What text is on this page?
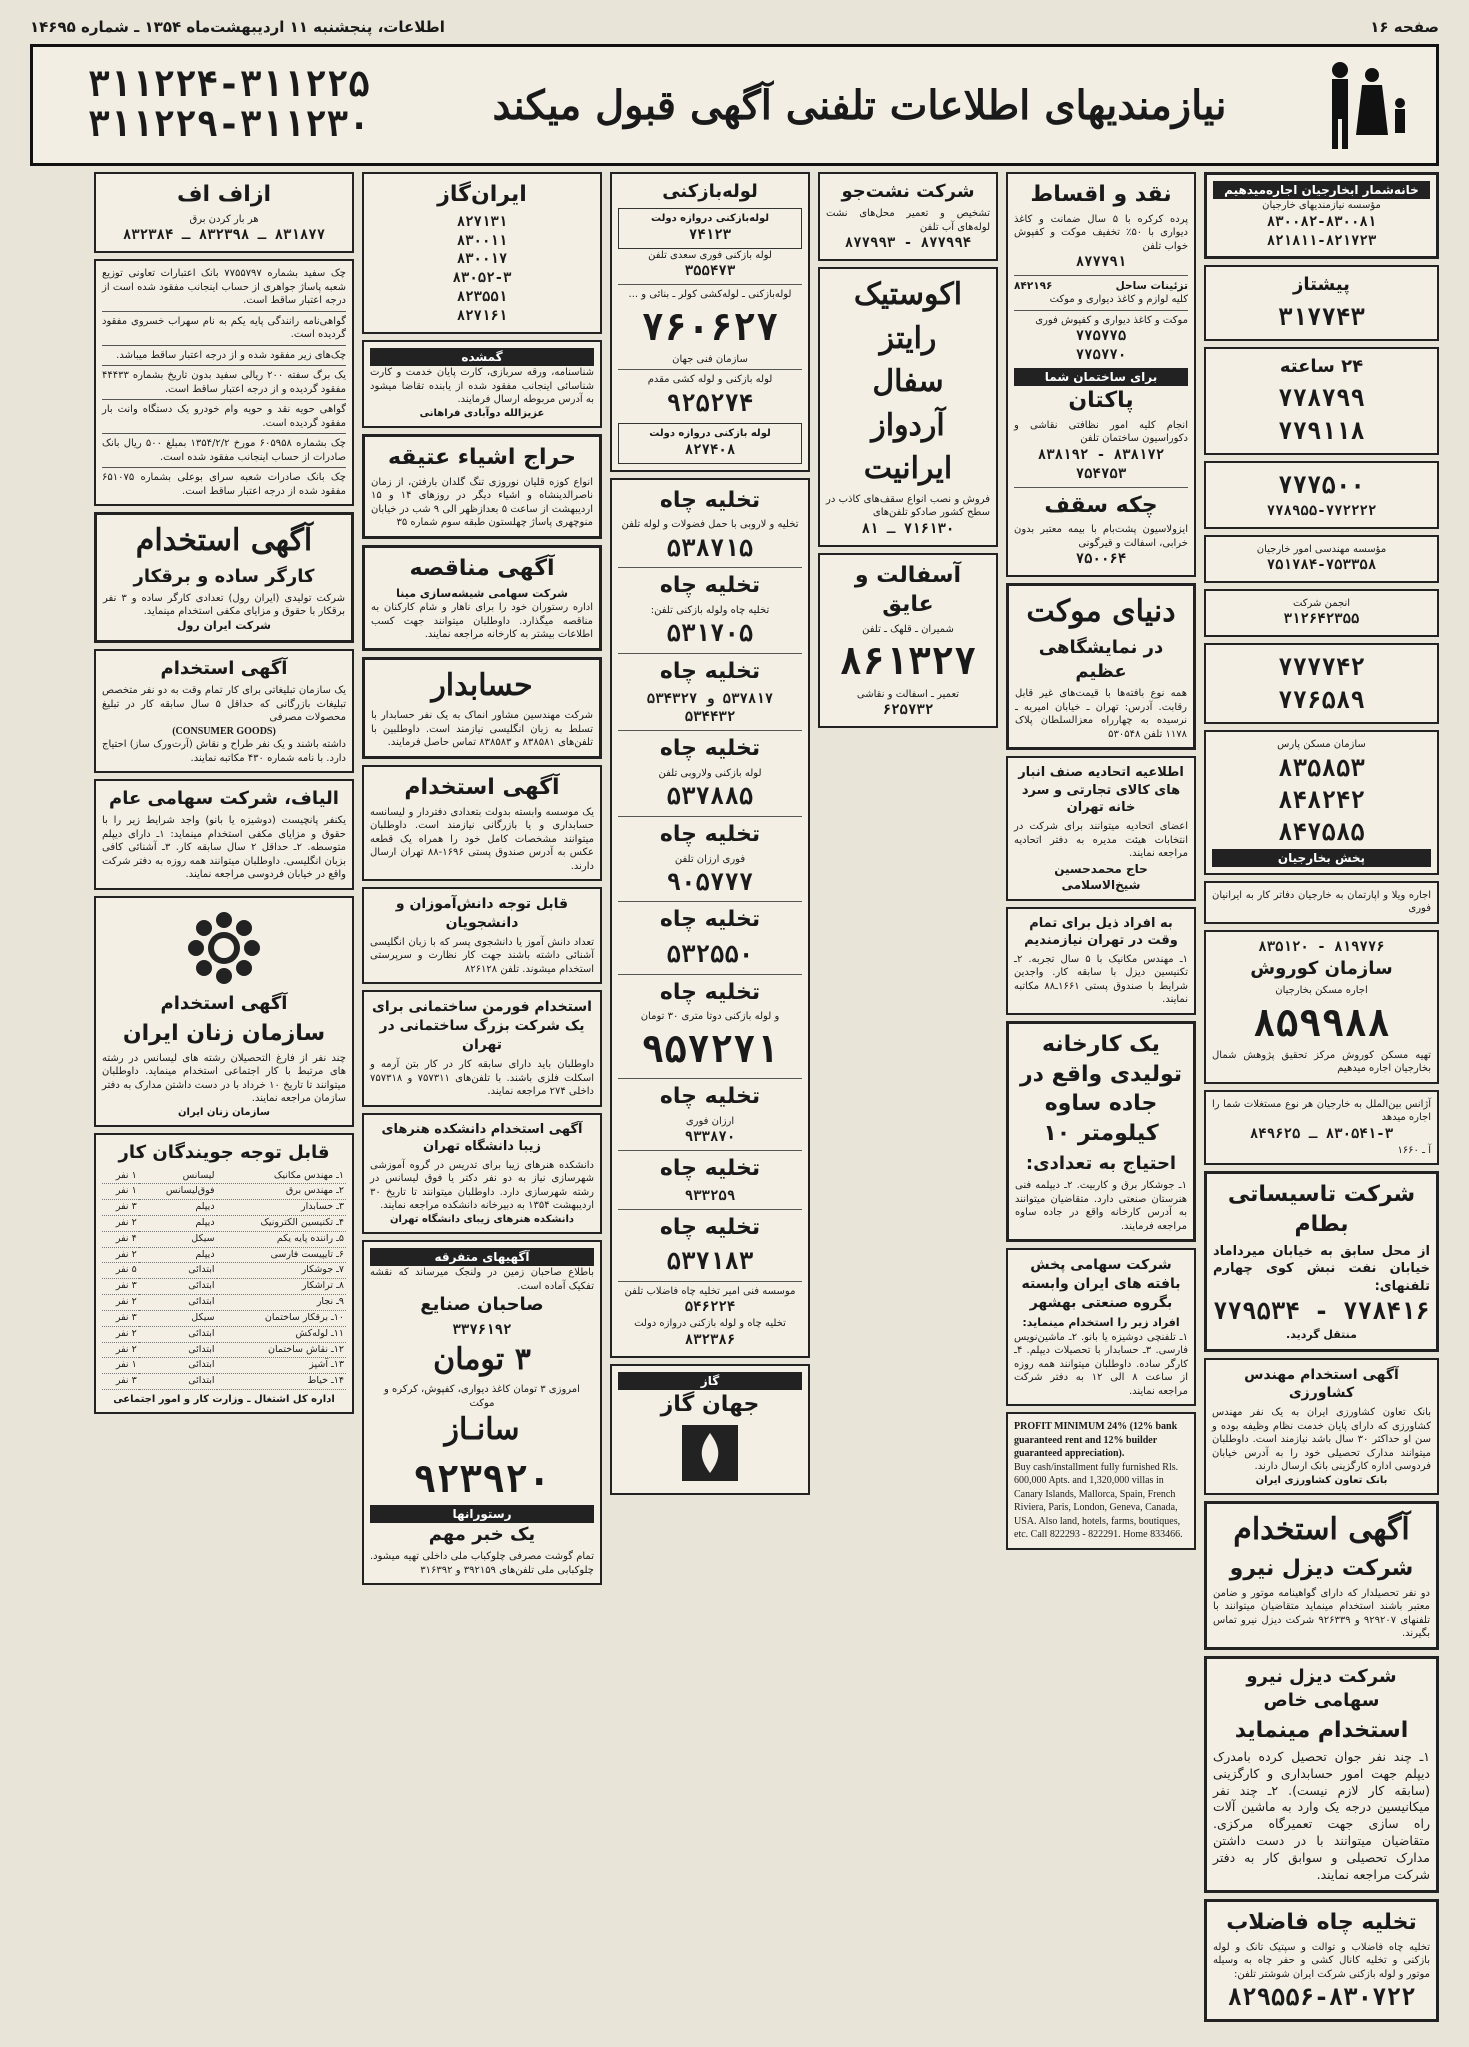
صفحه ۱۶
اطلاعات، پنجشنبه ۱۱ اردیبهشت‌ماه ۱۳۵۴ ـ شماره ۱۴۶۹۵
نیازمندیهای اطلاعات تلفنی آگهی قبول میکند
۳۱۱۲۲۴-۳۱۱۲۲۵
۳۱۱۲۲۹-۳۱۱۲۳۰
خانه‌شمار ابخارجیان اجاره‌میدهیم
مؤسسه نیازمندیهای خارجیان
۸۳۰۰۸۲-۸۳۰۰۸۱
۸۲۱۸۱۱-۸۲۱۷۲۳
پیشتاز
۳۱۷۷۴۳
۲۴ ساعته
۷۷۸۷۹۹
۷۷۹۱۱۸
۷۷۷۵۰۰
۷۷۸۹۵۵-۷۷۲۲۲۲
مؤسسه مهندسی امور خارجیان
۷۵۱۷۸۴-۷۵۳۳۵۸
انجمن شرکت
۳۱۲۶۴۲۳۵۵
۷۷۷۷۴۲
۷۷۶۵۸۹
سازمان مسکن پارس
۸۳۵۸۵۳
۸۴۸۲۴۲
۸۴۷۵۸۵
پخش بخارجیان
اجاره ویلا و اپارتمان به خارجیان دفاتر کار به ایرانیان فوری
۸۱۹۷۷۶ - ۸۳۵۱۲۰
سازمان کوروش
اجاره مسکن بخارجیان
۸۵۹۹۸۸
تهیه مسکن کوروش مرکز تحقیق پژوهش شمال بخارجیان اجاره میدهیم
آژانس بین‌الملل به خارجیان هر نوع مستغلات شما را اجاره میدهد
۸۳۰۵۴۱-۳ ـ ۸۴۹۶۲۵
آ ـ ۱۶۶۰
شرکت تاسیساتی بطام
از محل سابق به خیابان میرداماد خیابان نفت نبش کوی چهارم تلفنهای:
۷۷۸۴۱۶ - ۷۷۹۵۳۴
منتقل گردید.
آگهی استخدام مهندس کشاورزی
بانک تعاون کشاورزی ایران به یک نفر مهندس کشاورزی که دارای پایان خدمت نظام وظیفه بوده و سن او حداکثر ۳۰ سال باشد نیازمند است. داوطلبان میتوانند مدارک تحصیلی خود را به آدرس خیابان فردوسی اداره کارگزینی بانک ارسال دارند.
بانک تعاون کشاورزی ایران
آگهی استخدام
شرکت دیزل نیرو
دو نفر تحصیلدار که دارای گواهینامه موتور و ضامن معتبر باشند استخدام مینماید متقاضیان میتوانند با تلفنهای ۹۲۹۲۰۷ و ۹۲۶۳۳۹ شرکت دیزل نیرو تماس بگیرند.
شرکت دیزل نیرو سهامی خاص
استخدام مینماید
۱ـ چند نفر جوان تحصیل کرده بامدرک دیپلم جهت امور حسابداری و کارگزینی (سابقه کار لازم نیست). ۲ـ چند نفر میکانیسین درجه یک وارد به ماشین آلات راه سازی جهت تعمیرگاه مرکزی. متقاضیان میتوانند با در دست داشتن مدارک تحصیلی و سوابق کار به دفتر شرکت مراجعه نمایند.
تخلیه چاه فاضلاب
تخلیه چاه فاضلاب و توالت و سپتیک تانک و لوله بازکنی و تخلیه کانال کشی و حفر چاه به وسیله موتور و لوله بازکنی شرکت ایران شوشتر تلفن:
۸۲۹۵۵۶-۸۳۰۷۲۲
نقد و اقساط
پرده کرکره با ۵ سال ضمانت و کاغذ دیواری با ۵۰٪ تخفیف موکت و کفپوش خواب تلفن
۸۷۷۷۹۱
تزئینات ساحل
۸۴۲۱۹۶
کلیه لوازم و کاغذ دیواری و موکت
موکت و کاغذ دیواری و کفپوش فوری
۷۷۵۷۷۵
۷۷۵۷۷۰
برای ساختمان شما
پاکتان
انجام کلیه امور نظافتی نقاشی و دکوراسیون ساختمان تلفن
۸۳۸۱۷۲ - ۸۳۸۱۹۲
۷۵۴۷۵۳
چکه سقف
ایزولاسیون پشت‌بام با بیمه معتبر بدون خرابی، اسفالت و قیرگونی
۷۵۰۰۶۴
دنیای موکت
در نمایشگاهی عظیم
همه نوع بافته‌ها با قیمت‌های غیر قابل رقابت. آدرس: تهران ـ خیابان امیریه ـ نرسیده به چهارراه معزالسلطان پلاک ۱۱۷۸ تلفن ۵۳۰۵۴۸
اطلاعیه اتحادیه صنف انبار های کالای تجارتی و سرد خانه تهران
اعضای اتحادیه میتوانند برای شرکت در انتخابات هیئت مدیره به دفتر اتحادیه مراجعه نمایند.
حاج محمدحسین شیخ‌الاسلامی
به افراد ذیل برای تمام وقت در تهران نیازمندیم
۱ـ مهندس مکانیک با ۵ سال تجربه. ۲ـ تکنیسین دیزل با سابقه کار. واجدین شرایط با صندوق پستی ۱۶۶۱ـ۸۸ مکاتبه نمایند.
یک کارخانه تولیدی واقع در جاده ساوه کیلومتر ۱۰
احتیاج به تعدادی:
۱ـ جوشکار برق و کاربیت. ۲ـ دیپلمه فنی هنرستان صنعتی دارد. متقاضیان میتوانند به آدرس کارخانه واقع در جاده ساوه مراجعه فرمایند.
شرکت سهامی پخش بافته های ایران وابسته بگروه صنعتی بهشهر
افراد زیر را استخدام مینماید:
۱ـ تلفنچی دوشیزه یا بانو. ۲ـ ماشین‌نویس فارسی. ۳ـ حسابدار با تحصیلات دیپلم. ۴ـ کارگر ساده. داوطلبان میتوانند همه روزه از ساعت ۸ الی ۱۲ به دفتر شرکت مراجعه نمایند.
PROFIT MINIMUM 24% (12% bank guaranteed rent and 12% builder guaranteed appreciation).
Buy cash/installment fully furnished Rls. 600,000 Apts. and 1,320,000 villas in Canary Islands, Mallorca, Spain, French Riviera, Paris, London, Geneva, Canada, USA. Also land, hotels, farms, boutiques, etc. Call 822293 - 822291. Home 833466.
شرکت نشت‌جو
تشخیص و تعمیر محل‌های نشت لوله‌های آب تلفن
۸۷۷۹۹۴ - ۸۷۷۹۹۳
اکوستیک
رایتز
سفال
آردواز
ایرانیت
فروش و نصب انواع سقف‌های کاذب در سطح کشور صادکو تلفن‌های
۷۱۶۱۳۰ ـ ۸۱
آسفالت و عایق
شمیران ـ قلهک ـ تلفن
۸۶۱۳۲۷
تعمیر ـ اسفالت و نقاشی
۶۲۵۷۳۲
لوله‌بازکنی
لوله‌بازکنی دروازه دولت
۷۴۱۲۳
لوله بازکنی فوری سعدی تلفن
۳۵۵۴۷۳
لوله‌بازکنی ـ لوله‌کشی کولر ـ بنائی و ...
۷۶۰۶۲۷
سازمان فنی جهان
لوله بازکنی و لوله کشی مقدم
۹۲۵۲۷۴
لوله بازکنی دروازه دولت
۸۲۷۴۰۸
تخلیه چاه
تخلیه و لاروبی با حمل فضولات و لوله تلفن
۵۳۸۷۱۵
تخلیه چاه
تخلیه چاه ولوله بازکنی تلفن:
۵۳۱۷۰۵
تخلیه چاه
۵۳۷۸۱۷ و ۵۳۴۳۲۷
۵۳۴۴۳۲
تخلیه چاه
لوله بازکنی ولاروبی تلفن
۵۳۷۸۸۵
تخلیه چاه
فوری ارزان تلفن
۹۰۵۷۷۷
تخلیه چاه
۵۳۲۵۵۰
تخلیه چاه
و لوله بازکنی دوتا متری ۳۰ تومان
۹۵۷۲۷۱
تخلیه چاه
ارزان فوری
۹۳۳۸۷۰
تخلیه چاه
۹۳۳۲۵۹
تخلیه چاه
۵۳۷۱۸۳
موسسه فنی امیر تخلیه چاه فاضلاب تلفن
۵۴۶۲۲۴
تخلیه چاه و لوله بازکنی دروازه دولت
۸۳۲۳۸۶
گاز
جهان گاز
ایران‌گاز
۸۲۷۱۳۱
۸۳۰۰۱۱
۸۳۰۰۱۷
۸۳۰۵۲-۳
۸۲۳۵۵۱
۸۲۷۱۶۱
گمشده
شناسنامه، ورقه سربازی، کارت پایان خدمت و کارت شناسائی اینجانب مفقود شده از یابنده تقاضا میشود به آدرس مربوطه ارسال فرمایند.
عزیزالله دوآبادی فراهانی
حراج اشیاء عتیقه
انواع کوزه قلیان نوروزی تنگ گلدان بارفتن، از زمان ناصرالدینشاه و اشیاء دیگر در روزهای ۱۴ و ۱۵ اردیبهشت از ساعت ۵ بعدازظهر الی ۹ شب در خیابان منوچهری پاساژ چهلستون طبقه سوم شماره ۳۵
آگهی مناقصه
شرکت سهامی شیشه‌سازی مینا
اداره رستوران خود را برای ناهار و شام کارکنان به مناقصه میگذارد. داوطلبان میتوانند جهت کسب اطلاعات بیشتر به کارخانه مراجعه نمایند.
حسابدار
شرکت مهندسین مشاور انماک به یک نفر حسابدار با تسلط به زبان انگلیسی نیازمند است. داوطلبین با تلفن‌های ۸۳۸۵۸۱ و ۸۳۸۵۸۳ تماس حاصل فرمایند.
آگهی استخدام
یک موسسه وابسته بدولت بتعدادی دفتردار و لیسانسه حسابداری و یا بازرگانی نیازمند است. داوطلبان میتوانند مشخصات کامل خود را همراه یک قطعه عکس به آدرس صندوق پستی ۱۶۹۶-۸۸ تهران ارسال دارند.
قابل توجه دانش‌آموزان و دانشجویان
تعداد دانش آموز یا دانشجوی پسر که با زبان انگلیسی آشنائی داشته باشند جهت کار نظارت و سرپرستی استخدام میشوند. تلفن ۸۲۶۱۲۸
استخدام فورمن ساختمانی برای یک شرکت بزرگ ساختمانی در تهران
داوطلبان باید دارای سابقه کار در کار بتن آرمه و اسکلت فلزی باشند. با تلفن‌های ۷۵۷۳۱۱ و ۷۵۷۳۱۸ داخلی ۲۷۴ مراجعه نمایند.
آگهی استخدام دانشکده هنرهای زیبا دانشگاه تهران
دانشکده هنرهای زیبا برای تدریس در گروه آموزشی شهرسازی نیاز به دو نفر دکتر یا فوق لیسانس در رشته شهرسازی دارد. داوطلبان میتوانند تا تاریخ ۳۰ اردیبهشت ۱۳۵۴ به دبیرخانه دانشکده مراجعه نمایند.
دانشکده هنرهای زیبای دانشگاه تهران
آگهیهای متفرقه
باطلاع صاحبان زمین در ولنجک میرساند که نقشه تفکیک آماده است.
صاحبان صنایع
۳۳۷۶۱۹۲
۳ تومان
امروزی ۳ تومان کاغذ دیواری، کفپوش، کرکره و موکت
سانـاز
۹۲۳۹۲۰
رستورانها
یک خبر مهم
تمام گوشت مصرفی چلوکباب ملی داخلی تهیه میشود. چلوکبابی ملی تلفن‌های ۳۹۲۱۵۹ و ۳۱۶۳۹۲
ازاف اف
هر بار کردن برق
۸۳۱۸۷۷ ـ ۸۳۲۳۹۸ ـ ۸۳۲۳۸۴
چک سفید بشماره ۷۷۵۵۷۹۷ بانک اعتبارات تعاونی توزیع شعبه پاساژ جواهری از حساب اینجانب مفقود شده است از درجه اعتبار ساقط است.
گواهی‌نامه رانندگی پایه یکم به نام سهراب خسروی مفقود گردیده است.
چک‌های زیر مفقود شده و از درجه اعتبار ساقط میباشد.
یک برگ سفته ۲۰۰ ریالی سفید بدون تاریخ بشماره ۴۴۴۳۳ مفقود گردیده و از درجه اعتبار ساقط است.
گواهی حویه نقد و حویه وام خودرو یک دستگاه وانت بار مفقود گردیده است.
چک بشماره ۶۰۵۹۵۸ مورخ ۱۳۵۴/۲/۲ بمبلغ ۵۰۰ ریال بانک صادرات از حساب اینجانب مفقود شده است.
چک بانک صادرات شعبه سرای بوعلی بشماره ۶۵۱۰۷۵ مفقود شده از درجه اعتبار ساقط است.
آگهی استخدام
کارگر ساده و برقکار
شرکت تولیدی (ایران رول) تعدادی کارگر ساده و ۳ نفر برقکار با حقوق و مزایای مکفی استخدام مینماید.
شرکت ایران رول
آگهی استخدام
یک سازمان تبلیغاتی برای کار تمام وقت به دو نفر متخصص تبلیغات بازرگانی که حداقل ۵ سال سابقه کار در تبلیغ محصولات مصرفی
(CONSUMER GOODS)
داشته باشند و یک نفر طراح و نقاش (آرت‌ورک ساز) احتیاج دارد. با نامه شماره ۴۳۰ مکاتبه نمایند.
الیاف، شرکت سهامی عام
یکنفر پانچیست (دوشیزه یا بانو) واجد شرایط زیر را با حقوق و مزایای مکفی استخدام مینماید: ۱ـ دارای دیپلم متوسطه. ۲ـ حداقل ۲ سال سابقه کار. ۳ـ آشنائی کافی بزبان انگلیسی. داوطلبان میتوانند همه روزه به دفتر شرکت واقع در خیابان فردوسی مراجعه نمایند.
آگهی استخدام
سازمان زنان ایران
چند نفر از فارغ التحصیلان رشته های لیسانس در رشته های مرتبط با کار اجتماعی استخدام مینماید. داوطلبان میتوانند تا تاریخ ۱۰ خرداد با در دست داشتن مدارک به دفتر سازمان مراجعه نمایند.
سازمان زنان ایران
قابل توجه جویندگان کار
۱ـ مهندس مکانیک	لیسانس	۱ نفر
۲ـ مهندس برق	فوق‌لیسانس	۱ نفر
۳ـ حسابدار	دیپلم	۳ نفر
۴ـ تکنیسین الکترونیک	دیپلم	۲ نفر
۵ـ راننده پایه یکم	سیکل	۴ نفر
۶ـ تایپیست فارسی	دیپلم	۲ نفر
۷ـ جوشکار	ابتدائی	۵ نفر
۸ـ تراشکار	ابتدائی	۳ نفر
۹ـ نجار	ابتدائی	۲ نفر
۱۰ـ برقکار ساختمان	سیکل	۳ نفر
۱۱ـ لوله‌کش	ابتدائی	۲ نفر
۱۲ـ نقاش ساختمان	ابتدائی	۲ نفر
۱۳ـ آشپز	ابتدائی	۱ نفر
۱۴ـ خیاط	ابتدائی	۳ نفر
اداره کل اشتغال ـ وزارت کار و امور اجتماعی
